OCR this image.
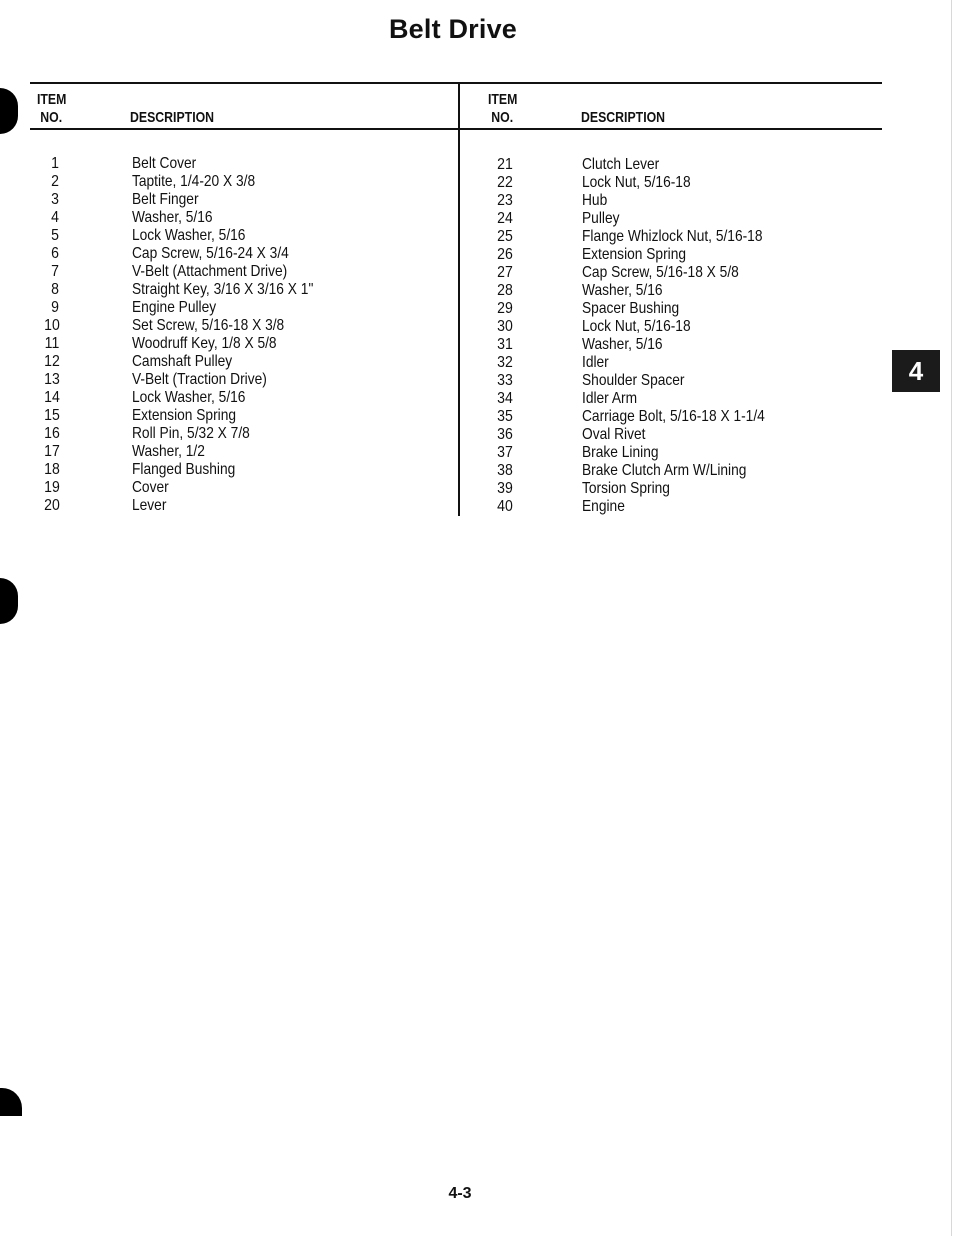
Belt Drive
ITEM
NO.	DESCRIPTION
ITEM
NO.	DESCRIPTION
1	Belt Cover
2	Taptite, 1/4-20 X 3/8
3	Belt Finger
4	Washer, 5/16
5	Lock Washer, 5/16
6	Cap Screw, 5/16-24 X 3/4
7	V-Belt (Attachment Drive)
8	Straight Key, 3/16 X 3/16 X 1"
9	Engine Pulley
10	Set Screw, 5/16-18 X 3/8
11	Woodruff Key, 1/8 X 5/8
12	Camshaft Pulley
13	V-Belt (Traction Drive)
14	Lock Washer, 5/16
15	Extension Spring
16	Roll Pin, 5/32 X 7/8
17	Washer, 1/2
18	Flanged Bushing
19	Cover
20	Lever
21	Clutch Lever
22	Lock Nut, 5/16-18
23	Hub
24	Pulley
25	Flange Whizlock Nut, 5/16-18
26	Extension Spring
27	Cap Screw, 5/16-18 X 5/8
28	Washer, 5/16
29	Spacer Bushing
30	Lock Nut, 5/16-18
31	Washer, 5/16
32	Idler
33	Shoulder Spacer
34	Idler Arm
35	Carriage Bolt, 5/16-18 X 1-1/4
36	Oval Rivet
37	Brake Lining
38	Brake Clutch Arm W/Lining
39	Torsion Spring
40	Engine
4
4-3
